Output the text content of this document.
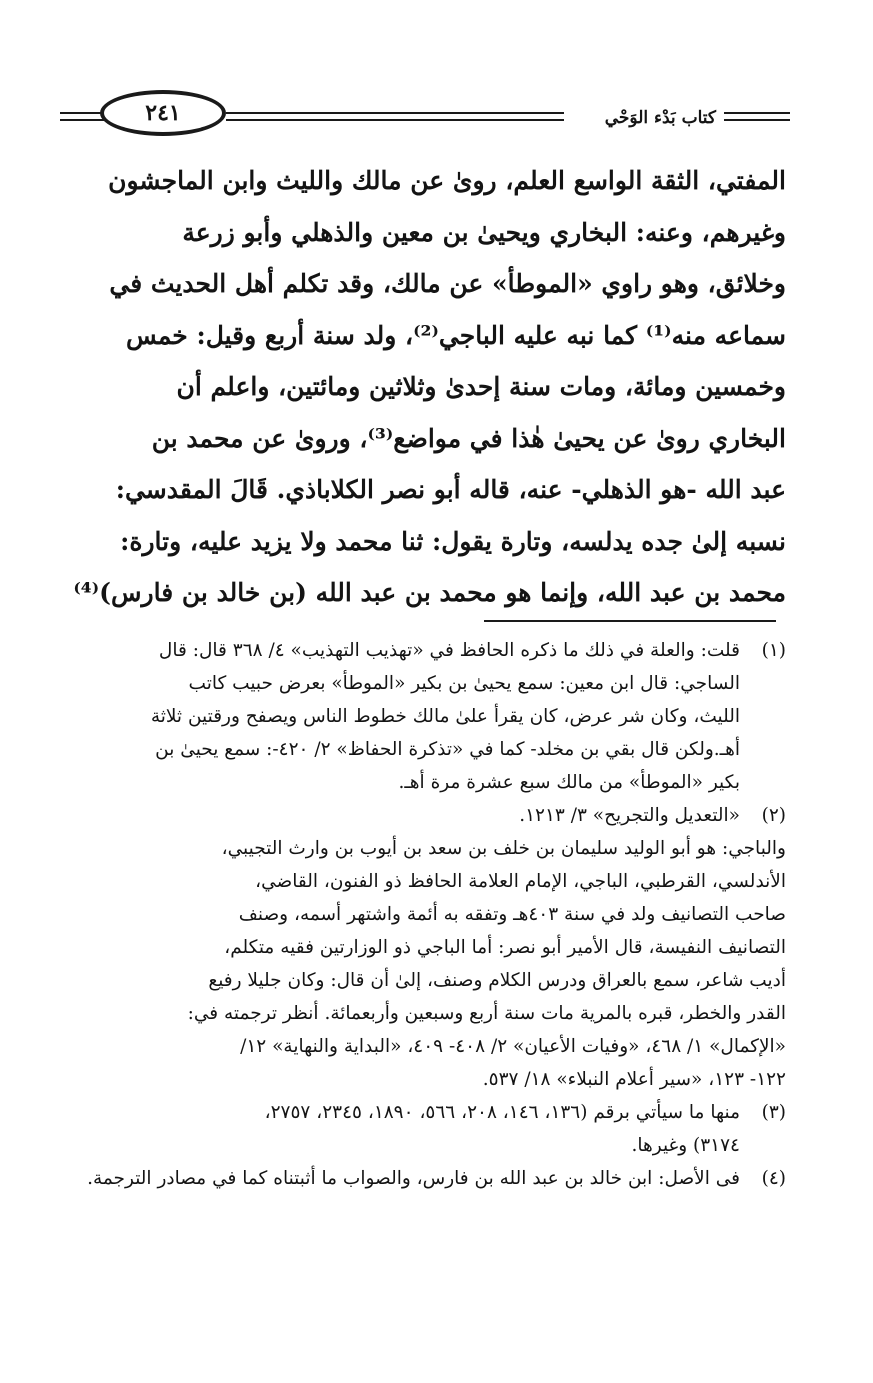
كتاب بَدْء الوَحْي
٢٤١
المفتي، الثقة الواسع العلم، رویٰ عن مالك والليث وابن الماجشون
وغيرهم، وعنه: البخاري ويحيىٰ بن معين والذهلي وأبو زرعة
وخلائق، وهو راوي «الموطأ» عن مالك، وقد تكلم أهل الحديث في
سماعه منه⁽¹⁾ كما نبه عليه الباجي⁽²⁾، ولد سنة أربع وقيل: خمس
وخمسين ومائة، ومات سنة إحدىٰ وثلاثين ومائتين، واعلم أن
البخاري روىٰ عن يحيىٰ هٰذا في مواضع⁽³⁾، وروىٰ عن محمد بن
عبد الله -هو الذهلي- عنه، قاله أبو نصر الكلاباذي. قَالَ المقدسي:
نسبه إلىٰ جده يدلسه، وتارة يقول: ثنا محمد ولا يزيد عليه، وتارة:
محمد بن عبد الله، وإنما هو محمد بن عبد الله (بن خالد بن فارس)⁽⁴⁾
(١)قلت: والعلة في ذلك ما ذكره الحافظ في «تهذيب التهذيب» ٤/ ٣٦٨ قال: قال
الساجي: قال ابن معين: سمع يحيىٰ بن بكير «الموطأ» بعرض حبيب كاتب
الليث، وكان شر عرض، كان يقرأ علىٰ مالك خطوط الناس ويصفح ورقتين ثلاثة
أهـ.ولكن قال بقي بن مخلد- كما في «تذكرة الحفاظ» ٢/ ٤٢٠-: سمع يحيىٰ بن
بكير «الموطأ» من مالك سبع عشرة مرة أهـ.
(٢)«التعديل والتجريح» ٣/ ١٢١٣.
والباجي: هو أبو الوليد سليمان بن خلف بن سعد بن أيوب بن وارث التجيبي،
الأندلسي، القرطبي، الباجي، الإمام العلامة الحافظ ذو الفنون، القاضي،
صاحب التصانيف ولد في سنة ٤٠٣هـ وتفقه به أئمة واشتهر أسمه، وصنف
التصانيف النفيسة، قال الأمير أبو نصر: أما الباجي ذو الوزارتين فقيه متكلم،
أديب شاعر، سمع بالعراق ودرس الكلام وصنف، إلىٰ أن قال: وكان جليلا رفيع
القدر والخطر، قبره بالمرية مات سنة أربع وسبعين وأربعمائة. أنظر ترجمته في:
«الإكمال» ١/ ٤٦٨، «وفيات الأعيان» ٢/ ٤٠٨- ٤٠٩، «البداية والنهاية» ١٢/
١٢٢- ١٢٣، «سير أعلام النبلاء» ١٨/ ٥٣٧.
(٣)منها ما سيأتي برقم (١٣٦، ١٤٦، ٢٠٨، ٥٦٦، ١٨٩٠، ٢٣٤٥، ٢٧٥٧،
٣١٧٤) وغيرها.
(٤)فى الأصل: ابن خالد بن عبد الله بن فارس، والصواب ما أثبتناه كما في مصادر الترجمة.
